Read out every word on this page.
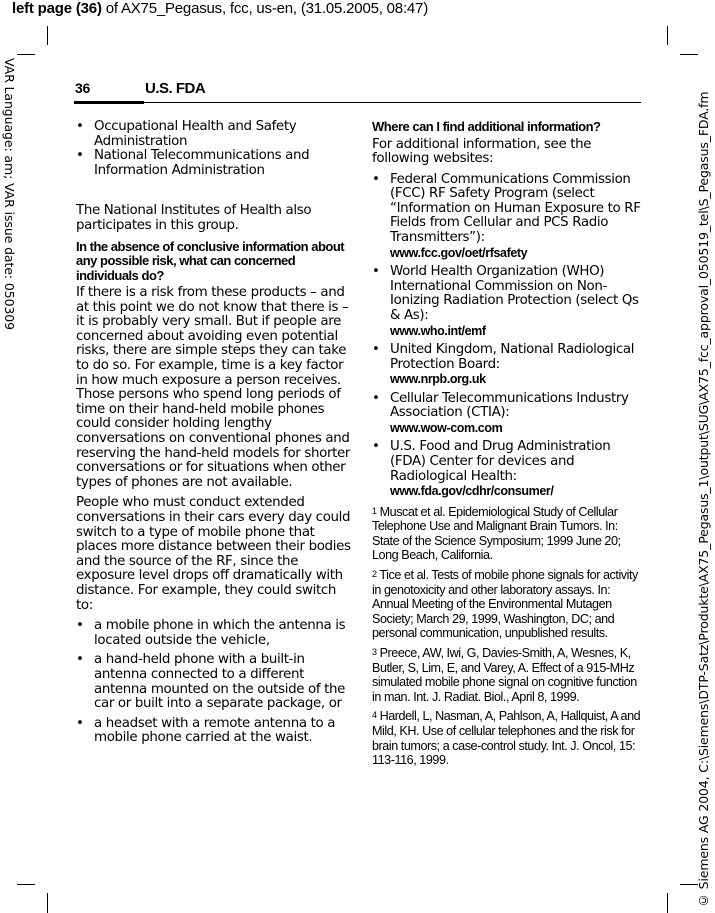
left page (36) of AX75_Pegasus, fcc, us-en, (31.05.2005, 08:47)
VAR Language: am; VAR issue date: 050309	© Siemens AG 2004, C:\Siemens\DTP-Satz\Produkte\AX75_Pegasus_1\output\SUG\AX75_fcc_approval_050519_tel\S_Pegasus_FDA.fm
36	U.S. FDA
• Occupational Health and Safety Administration
• National Telecommunications and Information Administration

The National Institutes of Health also participates in this group.

In the absence of conclusive information about any possible risk, what can concerned individuals do?

If there is a risk from these products – and at this point we do not know that there is – it is probably very small. But if people are concerned about avoiding even potential risks, there are simple steps they can take to do so. For example, time is a key factor in how much exposure a person receives. Those persons who spend long periods of time on their hand-held mobile phones could consider holding lengthy conversations on conventional phones and reserving the hand-held models for shorter conversations or for situations when other types of phones are not available.

People who must conduct extended conversations in their cars every day could switch to a type of mobile phone that places more distance between their bodies and the source of the RF, since the exposure level drops off dramatically with distance. For example, they could switch to:

• a mobile phone in which the antenna is located outside the vehicle,
• a hand-held phone with a built-in antenna connected to a different antenna mounted on the outside of the car or built into a separate package, or
• a headset with a remote antenna to a mobile phone carried at the waist.

Where can I find additional information?

For additional information, see the following websites:

• Federal Communications Commission (FCC) RF Safety Program (select “Information on Human Exposure to RF Fields from Cellular and PCS Radio Transmitters”):
www.fcc.gov/oet/rfsafety
• World Health Organization (WHO) International Commission on Non-Ionizing Radiation Protection (select Qs & As):
www.who.int/emf
• United Kingdom, National Radiological Protection Board:
www.nrpb.org.uk
• Cellular Telecommunications Industry Association (CTIA):
www.wow-com.com
• U.S. Food and Drug Administration (FDA) Center for devices and Radiological Health:
www.fda.gov/cdhr/consumer/

$^1$ Muscat et al. Epidemiological Study of Cellular Telephone Use and Malignant Brain Tumors. In: State of the Science Symposium; 1999 June 20; Long Beach, California.

$^2$ Tice et al. Tests of mobile phone signals for activity in genotoxicity and other laboratory assays. In: Annual Meeting of the Environmental Mutagen Society; March 29, 1999, Washington, DC; and personal communication, unpublished results.

$^3$ Preece, AW, Iwi, G, Davies-Smith, A, Wesnes, K, Butler, S, Lim, E, and Varey, A. Effect of a 915-MHz simulated mobile phone signal on cognitive function in man. Int. J. Radiat. Biol., April 8, 1999.

$^4$ Hardell, L, Nasman, A, Pahlson, A, Hallquist, A and Mild, KH. Use of cellular telephones and the risk for brain tumors; a case-control study. Int. J. Oncol, 15: 113-116, 1999.
